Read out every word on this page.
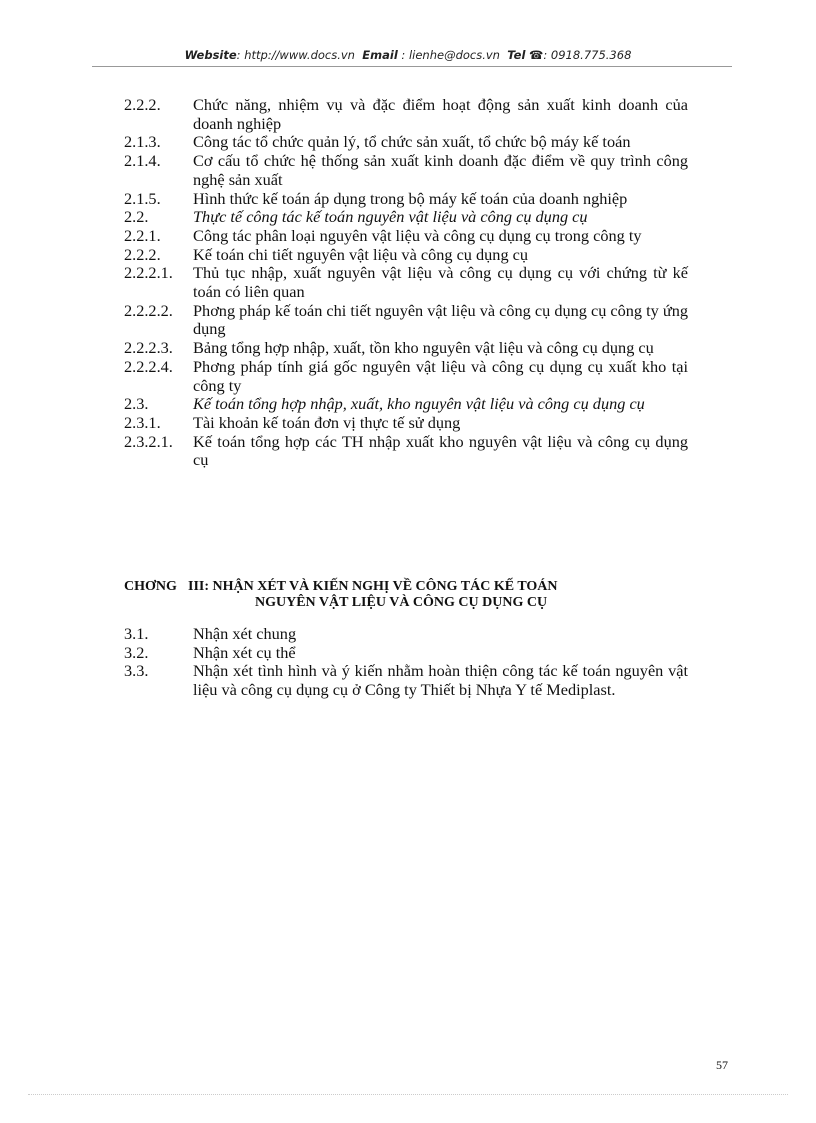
Website: http://www.docs.vn Email : lienhe@docs.vn Tel ☎: 0918.775.368
2.2.2.	Chức năng, nhiệm vụ và đặc điểm hoạt động sản xuất kinh doanh của doanh nghiệp
2.1.3.	Công tác tổ chức quản lý, tổ chức sản xuất, tổ chức bộ máy kế toán
2.1.4.	Cơ cấu tổ chức hệ thống sản xuất kinh doanh đặc điểm về quy trình công nghệ sản xuất
2.1.5.	Hình thức kế toán áp dụng trong bộ máy kế toán của doanh nghiệp
2.2.	Thực tế công tác kế toán nguyên vật liệu và công cụ dụng cụ
2.2.1.	Công tác phân loại nguyên vật liệu và công cụ dụng cụ trong công ty
2.2.2.	Kế toán chi tiết nguyên vật liệu và công cụ dụng cụ
2.2.2.1.	Thủ tục nhập, xuất nguyên vật liệu và công cụ dụng cụ với chứng từ kế toán có liên quan
2.2.2.2.	Phơng pháp kế toán chi tiết nguyên vật liệu và công cụ dụng cụ công ty ứng dụng
2.2.2.3.	Bảng tổng hợp nhập, xuất, tồn kho nguyên vật liệu và công cụ dụng cụ
2.2.2.4.	Phơng pháp tính giá gốc nguyên vật liệu và công cụ dụng cụ xuất kho tại công ty
2.3.	Kế toán tổng hợp nhập, xuất, kho nguyên vật liệu và công cụ dụng cụ
2.3.1.	Tài khoản kế toán đơn vị thực tế sử dụng
2.3.2.1.	Kế toán tổng hợp các TH nhập xuất kho nguyên vật liệu và công cụ dụng cụ
CHƠNG III: NHẬN XÉT VÀ KIẾN NGHỊ VỀ CÔNG TÁC KẾ TOÁN
NGUYÊN VẬT LIỆU VÀ CÔNG CỤ DỤNG CỤ
3.1.	Nhận xét chung
3.2.	Nhận xét cụ thể
3.3.	Nhận xét tình hình và ý kiến nhằm hoàn thiện công tác kế toán nguyên vật liệu và công cụ dụng cụ ở Công ty Thiết bị Nhựa Y tế Mediplast.
57
